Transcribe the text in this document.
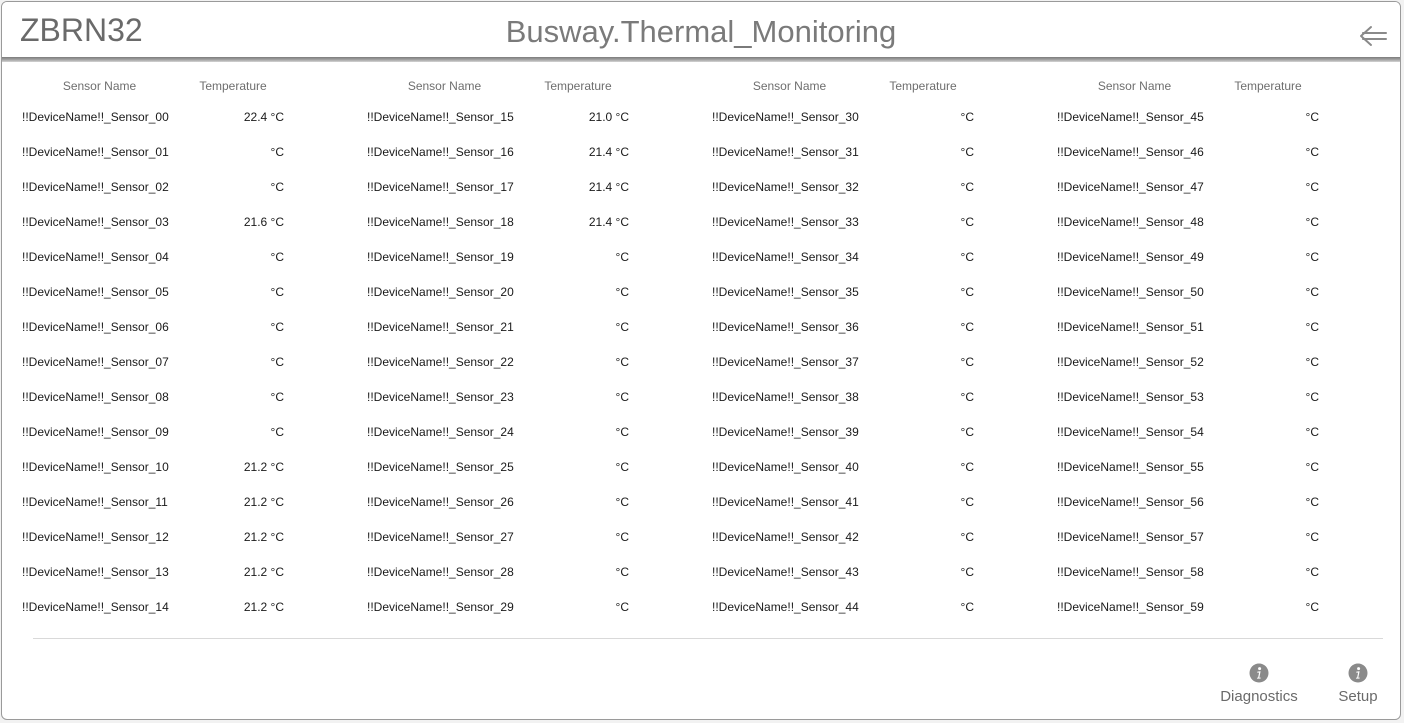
ZBRN32	Busway.Thermal_Monitoring
Sensor Name	Temperature
!!DeviceName!!_Sensor_00	22.4 °C
!!DeviceName!!_Sensor_01	°C
!!DeviceName!!_Sensor_02	°C
!!DeviceName!!_Sensor_03	21.6 °C
!!DeviceName!!_Sensor_04	°C
!!DeviceName!!_Sensor_05	°C
!!DeviceName!!_Sensor_06	°C
!!DeviceName!!_Sensor_07	°C
!!DeviceName!!_Sensor_08	°C
!!DeviceName!!_Sensor_09	°C
!!DeviceName!!_Sensor_10	21.2 °C
!!DeviceName!!_Sensor_11	21.2 °C
!!DeviceName!!_Sensor_12	21.2 °C
!!DeviceName!!_Sensor_13	21.2 °C
!!DeviceName!!_Sensor_14	21.2 °C
Sensor Name	Temperature
!!DeviceName!!_Sensor_15	21.0 °C
!!DeviceName!!_Sensor_16	21.4 °C
!!DeviceName!!_Sensor_17	21.4 °C
!!DeviceName!!_Sensor_18	21.4 °C
!!DeviceName!!_Sensor_19	°C
!!DeviceName!!_Sensor_20	°C
!!DeviceName!!_Sensor_21	°C
!!DeviceName!!_Sensor_22	°C
!!DeviceName!!_Sensor_23	°C
!!DeviceName!!_Sensor_24	°C
!!DeviceName!!_Sensor_25	°C
!!DeviceName!!_Sensor_26	°C
!!DeviceName!!_Sensor_27	°C
!!DeviceName!!_Sensor_28	°C
!!DeviceName!!_Sensor_29	°C
Sensor Name	Temperature
!!DeviceName!!_Sensor_30	°C
!!DeviceName!!_Sensor_31	°C
!!DeviceName!!_Sensor_32	°C
!!DeviceName!!_Sensor_33	°C
!!DeviceName!!_Sensor_34	°C
!!DeviceName!!_Sensor_35	°C
!!DeviceName!!_Sensor_36	°C
!!DeviceName!!_Sensor_37	°C
!!DeviceName!!_Sensor_38	°C
!!DeviceName!!_Sensor_39	°C
!!DeviceName!!_Sensor_40	°C
!!DeviceName!!_Sensor_41	°C
!!DeviceName!!_Sensor_42	°C
!!DeviceName!!_Sensor_43	°C
!!DeviceName!!_Sensor_44	°C
Sensor Name	Temperature
!!DeviceName!!_Sensor_45	°C
!!DeviceName!!_Sensor_46	°C
!!DeviceName!!_Sensor_47	°C
!!DeviceName!!_Sensor_48	°C
!!DeviceName!!_Sensor_49	°C
!!DeviceName!!_Sensor_50	°C
!!DeviceName!!_Sensor_51	°C
!!DeviceName!!_Sensor_52	°C
!!DeviceName!!_Sensor_53	°C
!!DeviceName!!_Sensor_54	°C
!!DeviceName!!_Sensor_55	°C
!!DeviceName!!_Sensor_56	°C
!!DeviceName!!_Sensor_57	°C
!!DeviceName!!_Sensor_58	°C
!!DeviceName!!_Sensor_59	°C
Diagnostics	Setup
